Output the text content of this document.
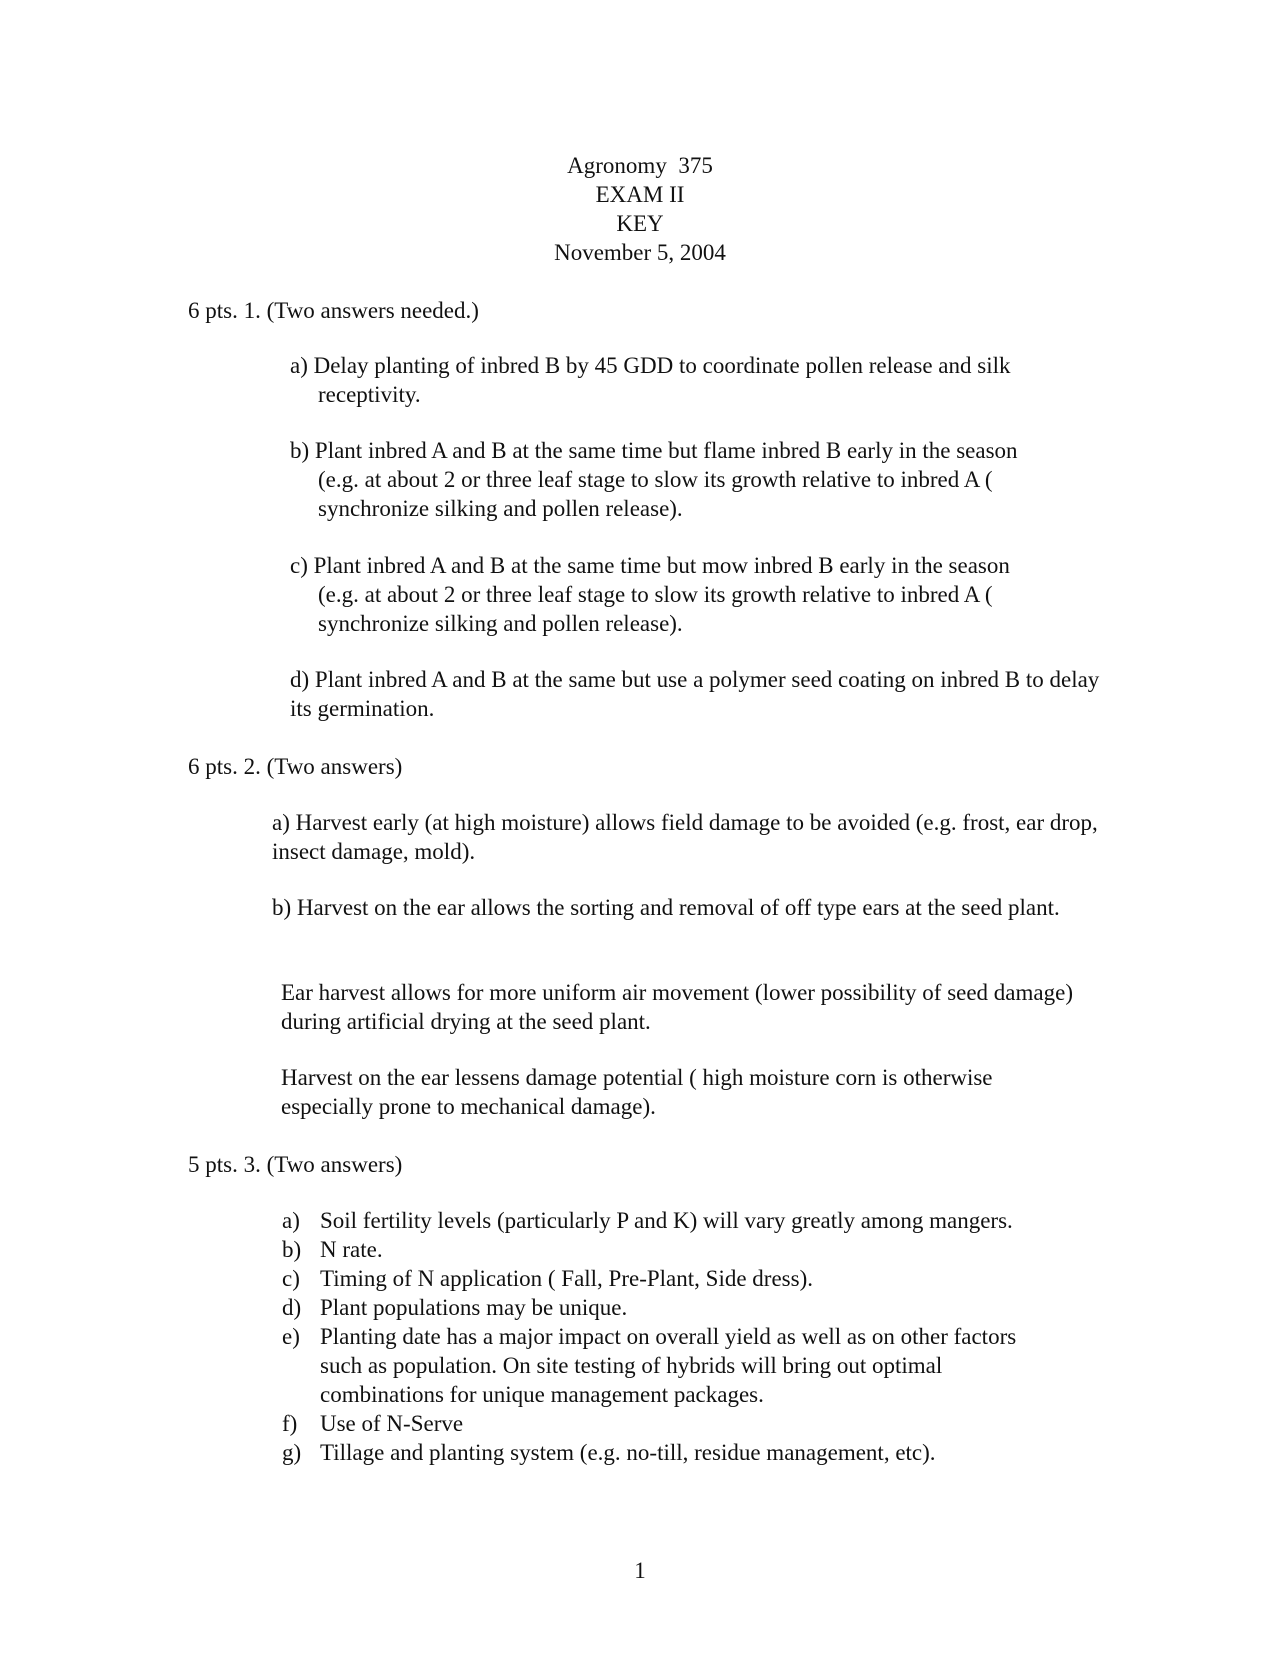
Agronomy  375
EXAM II
KEY
November 5, 2004
6 pts. 1. (Two answers needed.)
a) Delay planting of inbred B by 45 GDD to coordinate pollen release and silk receptivity.
b) Plant inbred A and B at the same time but flame inbred B early in the season (e.g. at about 2 or three leaf stage to slow its growth relative to inbred A ( synchronize silking and pollen release).
c) Plant inbred A and B at the same time but mow inbred B early in the season (e.g. at about 2 or three leaf stage to slow its growth relative to inbred A ( synchronize silking and pollen release).
d) Plant inbred A and B at the same but use a polymer seed coating on inbred B to delay its germination.
6 pts. 2. (Two answers)
a) Harvest early (at high moisture) allows field damage to be avoided (e.g. frost, ear drop, insect damage, mold).
b) Harvest on the ear allows the sorting and removal of off type ears at the seed plant.
Ear harvest allows for more uniform air movement (lower possibility of seed damage) during artificial drying at the seed plant.
Harvest on the ear lessens damage potential ( high moisture corn is otherwise especially prone to mechanical damage).
5 pts. 3. (Two answers)
a) Soil fertility levels (particularly P and K) will vary greatly among mangers.
b) N rate.
c) Timing of N application ( Fall, Pre-Plant, Side dress).
d) Plant populations may be unique.
e) Planting date has a major impact on overall yield as well as on other factors such as population. On site testing of hybrids will bring out optimal combinations for unique management packages.
f) Use of N-Serve
g) Tillage and planting system (e.g. no-till, residue management, etc).
1
